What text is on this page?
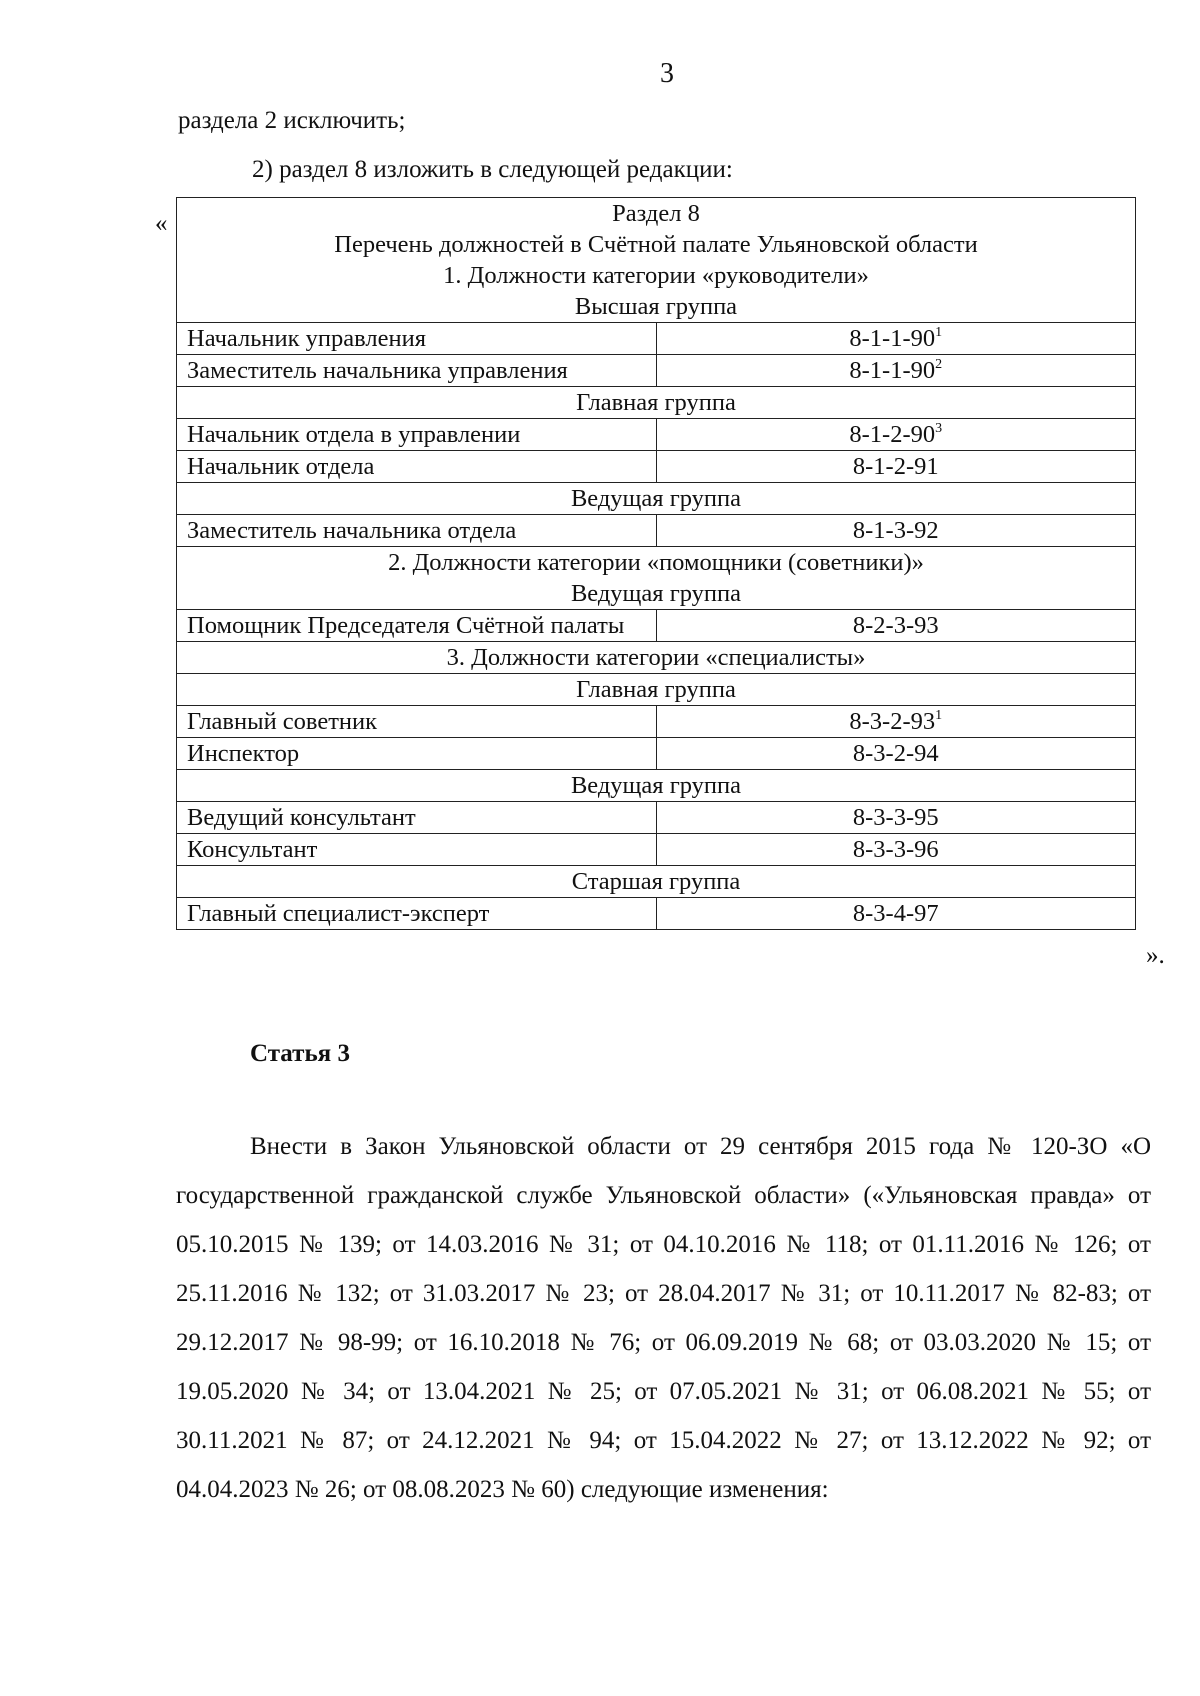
3
раздела 2 исключить;
2) раздел 8 изложить в следующей редакции:
«
».
Раздел 8	
Перечень должностей в Счётной палате Ульяновской области	
1. Должности категории «руководители»	
Высшая группа	
Начальник управления	$8-1-1-90^1$
Заместитель начальника управления	$8-1-1-90^2$
Главная группа	
Начальник отдела в управлении	$8-1-2-90^3$
Начальник отдела	8-1-2-91
Ведущая группа	
Заместитель начальника отдела	8-1-3-92
2. Должности категории «помощники (советники)»	
Ведущая группа	
Помощник Председателя Счётной палаты	8-2-3-93
3. Должности категории «специалисты»	
Главная группа	
Главный советник	$8-3-2-93^1$
Инспектор	8-3-2-94
Ведущая группа	
Ведущий консультант	8-3-3-95
Консультант	8-3-3-96
Старшая группа	
Главный специалист-эксперт	8-3-4-97
Статья 3

Внести в Закон Ульяновской области от 29 сентября 2015 года № 120-ЗО «О государственной гражданской службе Ульяновской области» («Ульяновская правда» от 05.10.2015 № 139; от 14.03.2016 № 31; от 04.10.2016 № 118; от 01.11.2016 № 126; от 25.11.2016 № 132; от 31.03.2017 № 23; от 28.04.2017 № 31; от 10.11.2017 № 82-83; от 29.12.2017 № 98-99; от 16.10.2018 № 76; от 06.09.2019 № 68; от 03.03.2020 № 15; от 19.05.2020 № 34; от 13.04.2021 № 25; от 07.05.2021 № 31; от 06.08.2021 № 55; от 30.11.2021 № 87; от 24.12.2021 № 94; от 15.04.2022 № 27; от 13.12.2022 № 92; от 04.04.2023 № 26; от 08.08.2023 № 60) следующие изменения:
